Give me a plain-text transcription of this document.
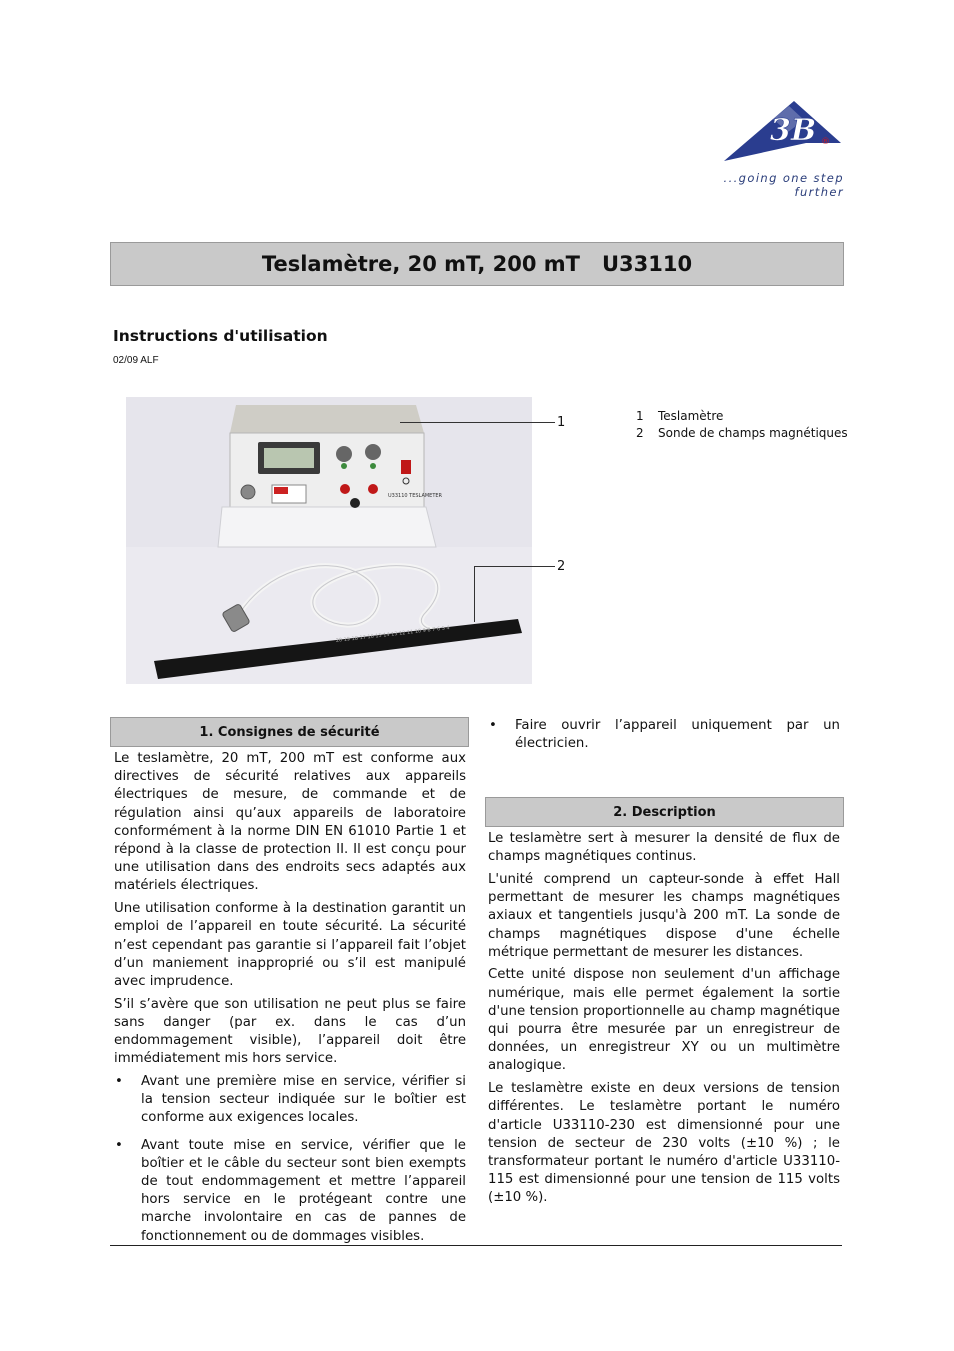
3B ®
...going one step further
Teslamètre, 20 mT, 200 mT   U33110
Instructions d'utilisation
02/09 ALF
U33110 TESLAMETER
20 19 18 17 16 15 14 13 12 11 10 9 8 7 6 5 4
1
2
1	Teslamètre
2	Sonde de champs magnétiques
1. Consignes de sécurité

Le teslamètre, 20 mT, 200 mT est conforme aux directives de sécurité relatives aux appareils électriques de mesure, de commande et de régulation ainsi qu’aux appareils de laboratoire conformément à la norme DIN EN 61010 Partie 1 et répond à la classe de protection II. Il est conçu pour une utilisation dans des endroits secs adaptés aux matériels électriques.

Une utilisation conforme à la destination garantit un emploi de l’appareil en toute sécurité. La sécurité n’est cependant pas garantie si l’appareil fait l’objet d’un maniement inapproprié ou s’il est manipulé avec imprudence.

S’il s’avère que son utilisation ne peut plus se faire sans danger (par ex. dans le cas d’un endommagement visible), l’appareil doit être immédiatement mis hors service.

•	Avant une première mise en service, vérifier si la tension secteur indiquée sur le boîtier est conforme aux exigences locales.
•	Avant toute mise en service, vérifier que le boîtier et le câble du secteur sont bien exempts de tout endommagement et mettre l’appareil hors service en le protégeant contre une marche involontaire en cas de pannes de fonctionnement ou de dommages visibles.
•	Faire ouvrir l’appareil uniquement par un électricien.
2. Description

Le teslamètre sert à mesurer la densité de flux de champs magnétiques continus.

L'unité comprend un capteur-sonde à effet Hall permettant de mesurer les champs magnétiques axiaux et tangentiels jusqu'à 200 mT. La sonde de champs magnétiques dispose d'une échelle métrique permettant de mesurer les distances.

Cette unité dispose non seulement d'un affichage numérique, mais elle permet également la sortie d'une tension proportionnelle au champ magnétique qui pourra être mesurée par un enregistreur de données, un enregistreur XY ou un multimètre analogique.

Le teslamètre existe en deux versions de tension différentes. Le teslamètre portant le numéro d'article U33110-230 est dimensionné pour une tension de secteur de 230 volts (±10 %) ; le transformateur portant le numéro d'article U33110-115 est dimensionné pour une tension de 115 volts (±10 %).
